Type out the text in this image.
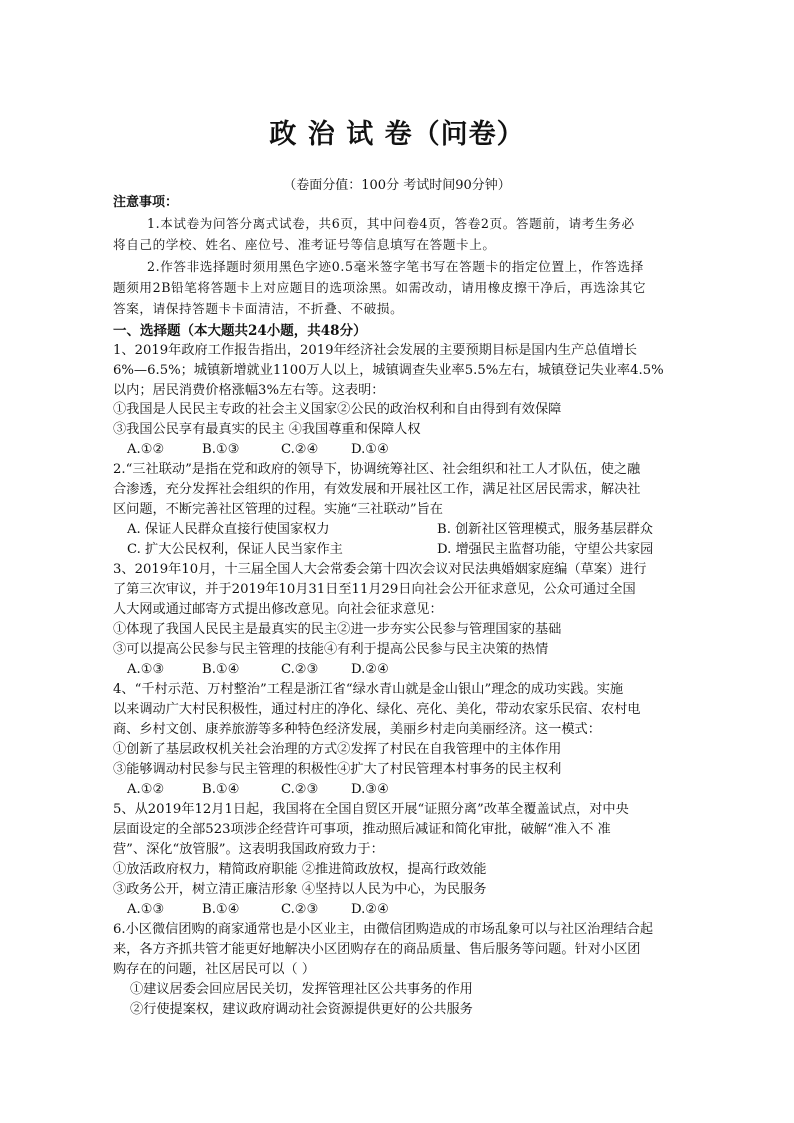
政 治 试 卷（问卷）
（卷面分值：100分 考试时间90分钟）
注意事项：
1.本试卷为问答分离式试卷，共6页，其中问卷4页，答卷2页。答题前，请考生务必
将自己的学校、姓名、座位号、准考证号等信息填写在答题卡上。
2.作答非选择题时须用黑色字迹0.5毫米签字笔书写在答题卡的指定位置上，作答选择
题须用2B铅笔将答题卡上对应题目的选项涂黑。如需改动，请用橡皮擦干净后，再选涂其它
答案，请保持答题卡卡面清洁，不折叠、不破损。
一、选择题（本大题共24小题，共48分）
1、2019年政府工作报告指出，2019年经济社会发展的主要预期目标是国内生产总值增长
6%—6.5%；城镇新增就业1100万人以上，城镇调查失业率5.5%左右，城镇登记失业率4.5%
以内；居民消费价格涨幅3%左右等。这表明：
①我国是人民民主专政的社会主义国家②公民的政治权利和自由得到有效保障
③我国公民享有最真实的民主 ④我国尊重和保障人权
A.①②	B.①③	C.②④ D.①④
2.“三社联动”是指在党和政府的领导下，协调统筹社区、社会组织和社工人才队伍，使之融
合渗透，充分发挥社会组织的作用，有效发展和开展社区工作，满足社区居民需求，解决社
区问题，不断完善社区管理的过程。实施“三社联动”旨在
A. 保证人民群众直接行使国家权力	B. 创新社区管理模式，服务基层群众
C. 扩大公民权利，保证人民当家作主	D. 增强民主监督功能，守望公共家园
3、2019年10月，十三届全国人大会常委会第十四次会议对民法典婚姻家庭编（草案）进行
了第三次审议，并于2019年10月31日至11月29日向社会公开征求意见，公众可通过全国
人大网或通过邮寄方式提出修改意见。向社会征求意见：
①体现了我国人民民主是最真实的民主②进一步夯实公民参与管理国家的基础
③可以提高公民参与民主管理的技能④有利于提高公民参与民主决策的热情
A.①③	B.①④	C.②③ D.②④
4、“千村示范、万村整治”工程是浙江省“绿水青山就是金山银山”理念的成功实践。实施
以来调动广大村民积极性，通过村庄的净化、绿化、亮化、美化，带动农家乐民宿、农村电
商、乡村文创、康养旅游等多种特色经济发展，美丽乡村走向美丽经济。这一模式：
①创新了基层政权机关社会治理的方式②发挥了村民在自我管理中的主体作用
③能够调动村民参与民主管理的积极性④扩大了村民管理本村事务的民主权利
A.①②	B.①④	C.②③ D.③④
5、从2019年12月1日起，我国将在全国自贸区开展“证照分离”改革全覆盖试点，对中央
层面设定的全部523项涉企经营许可事项，推动照后减证和简化审批，破解“准入不 准
营”、深化“放管服”。这表明我国政府致力于：
①放活政府权力，精简政府职能 ②推进简政放权，提高行政效能
③政务公开，树立清正廉洁形象 ④坚持以人民为中心，为民服务
A.①③	B.①④	C.②③ D.②④
6.小区微信团购的商家通常也是小区业主，由微信团购造成的市场乱象可以与社区治理结合起
来，各方齐抓共管才能更好地解决小区团购存在的商品质量、售后服务等问题。针对小区团
购存在的问题，社区居民可以（ ）
①建议居委会回应居民关切，发挥管理社区公共事务的作用
②行使提案权，建议政府调动社会资源提供更好的公共服务
